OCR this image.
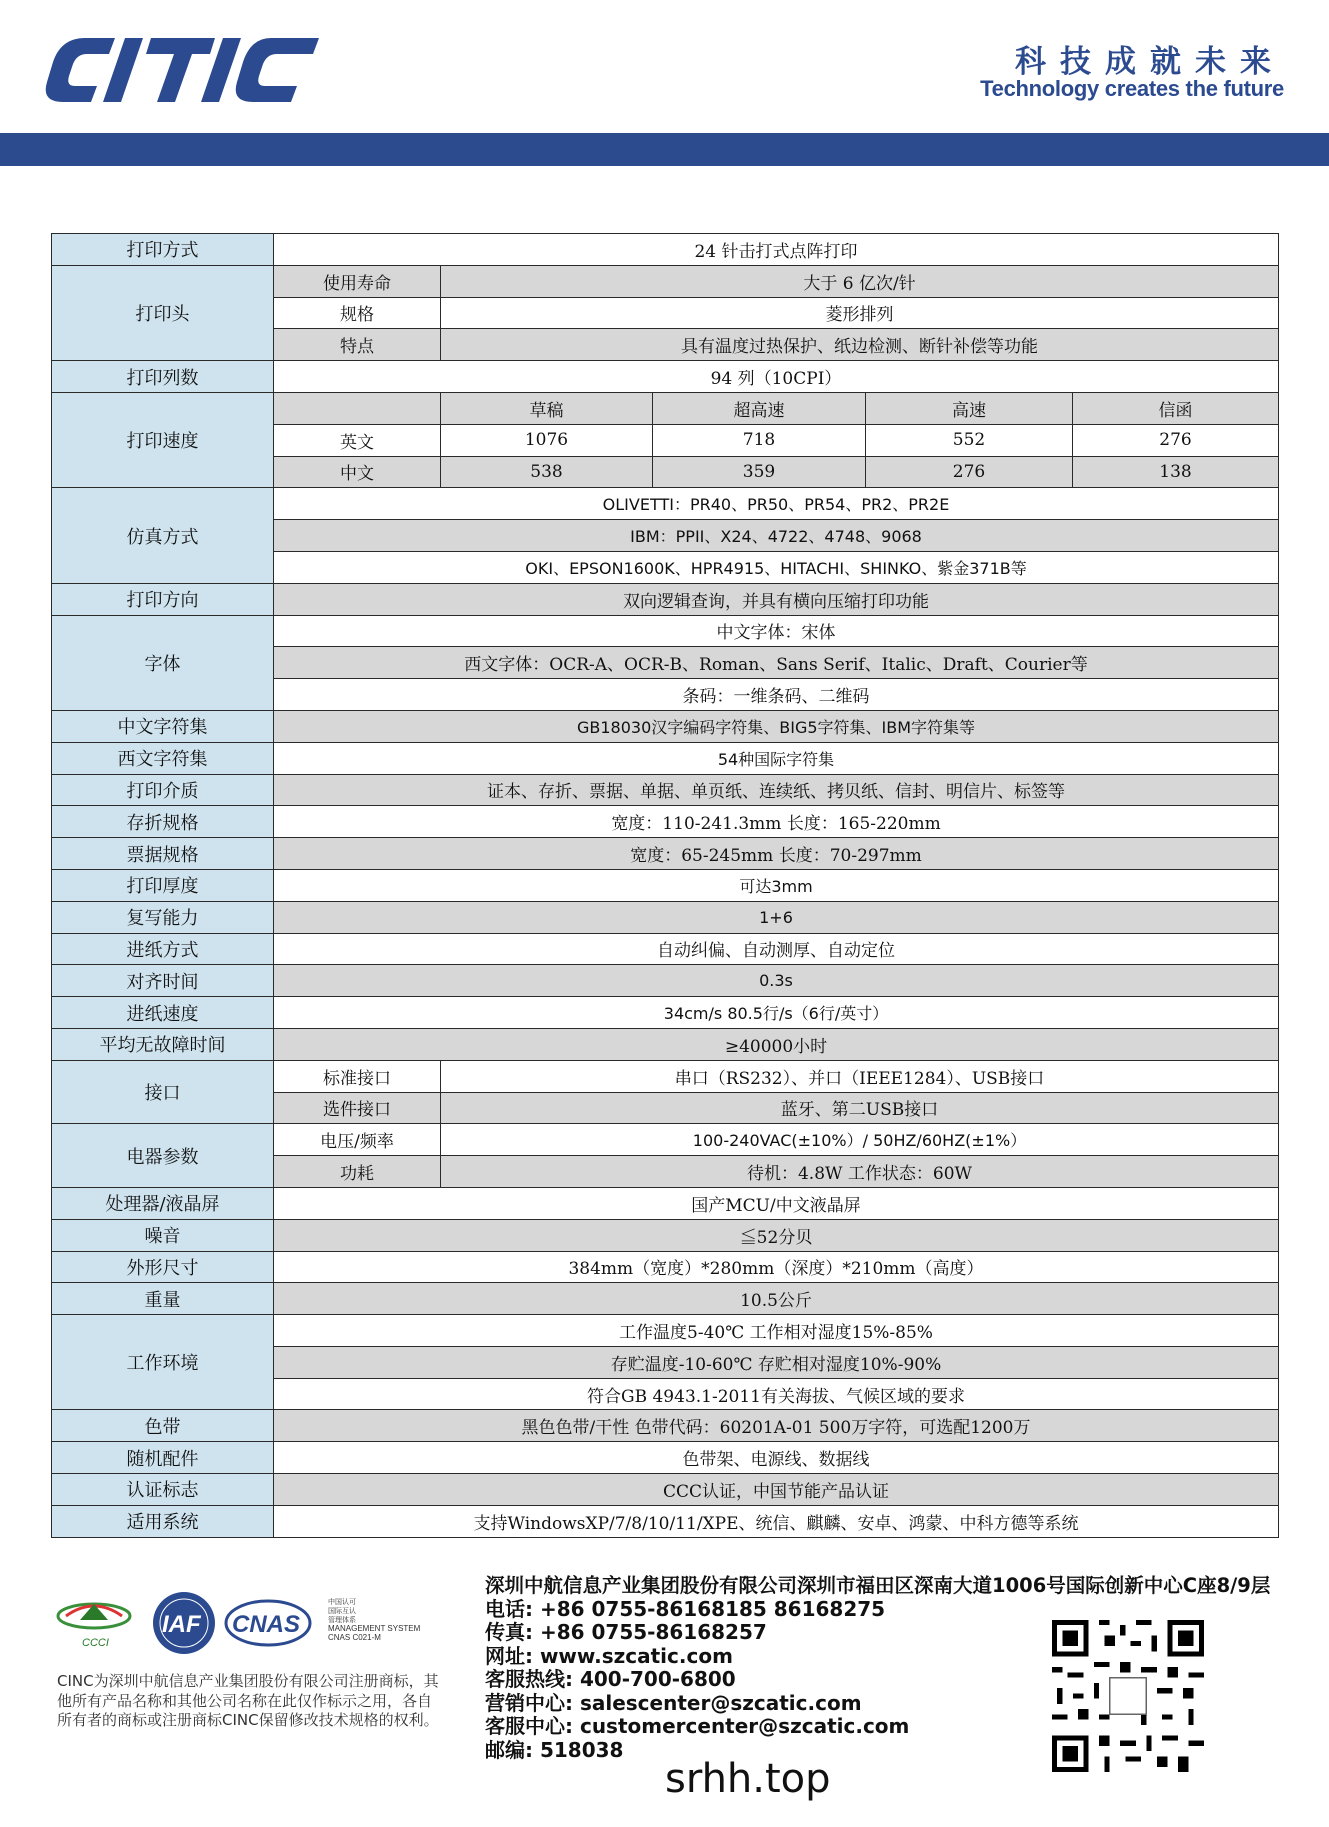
CITIC
科技成就未来
Technology creates the future
打印方式	24 针击打式点阵打印				
打印头	使用寿命	大于 6 亿次/针			
	规格	菱形排列			
	特点	具有温度过热保护、纸边检测、断针补偿等功能			
打印列数	94 列（10CPI）				
打印速度		草稿	超高速	高速	信函
	英文	1076	718	552	276
	中文	538	359	276	138
仿真方式	OLIVETTI：PR40、PR50、PR54、PR2、PR2E				
	IBM：PPII、X24、4722、4748、9068				
	OKI、EPSON1600K、HPR4915、HITACHI、SHINKO、紫金371B等				
打印方向	双向逻辑查询，并具有横向压缩打印功能				
字体	中文字体：宋体				
	西文字体：OCR-A、OCR-B、Roman、Sans Serif、Italic、Draft、Courier等				
	条码：一维条码、二维码				
中文字符集	GB18030汉字编码字符集、BIG5字符集、IBM字符集等				
西文字符集	54种国际字符集				
打印介质	证本、存折、票据、单据、单页纸、连续纸、拷贝纸、信封、明信片、标签等				
存折规格	宽度：110-241.3mm 长度：165-220mm				
票据规格	宽度：65-245mm 长度：70-297mm				
打印厚度	可达3mm				
复写能力	1+6				
进纸方式	自动纠偏、自动测厚、自动定位				
对齐时间	0.3s				
进纸速度	34cm/s 80.5行/s（6行/英寸）				
平均无故障时间	≥40000小时				
接口	标准接口	串口（RS232）、并口（IEEE1284）、USB接口			
	选件接口	蓝牙、第二USB接口			
电器参数	电压/频率	100-240VAC(±10%）/ 50HZ/60HZ(±1%）			
	功耗	待机：4.8W 工作状态：60W			
处理器/液晶屏	国产MCU/中文液晶屏				
噪音	≦52分贝				
外形尺寸	384mm（宽度）*280mm（深度）*210mm（高度）				
重量	10.5公斤				
工作环境	工作温度5-40℃ 工作相对湿度15%-85%				
	存贮温度-10-60℃ 存贮相对湿度10%-90%				
	符合GB 4943.1-2011有关海拔、气候区域的要求				
色带	黑色色带/干性 色带代码：60201A-01 500万字符，可选配1200万				
随机配件	色带架、电源线、数据线				
认证标志	CCC认证，中国节能产品认证				
适用系统	支持WindowsXP/7/8/10/11/XPE、统信、麒麟、安卓、鸿蒙、中科方德等系统				
CCCI
IAF CNAS
中国认可
国际互认
管理体系
MANAGEMENT SYSTEM
CNAS C021-M
CINC为深圳中航信息产业集团股份有限公司注册商标，其他所有产品名称和其他公司名称在此仅作标示之用，各自所有者的商标或注册商标CINC保留修改技术规格的权利。
深圳中航信息产业集团股份有限公司深圳市福田区深南大道1006号国际创新中心C座8/9层
电话: +86 0755-86168185 86168275
传真: +86 0755-86168257
网址: www.szcatic.com
客服热线: 400-700-6800
营销中心: salescenter@szcatic.com
客服中心: customercenter@szcatic.com
邮编: 518038
srhh.top
